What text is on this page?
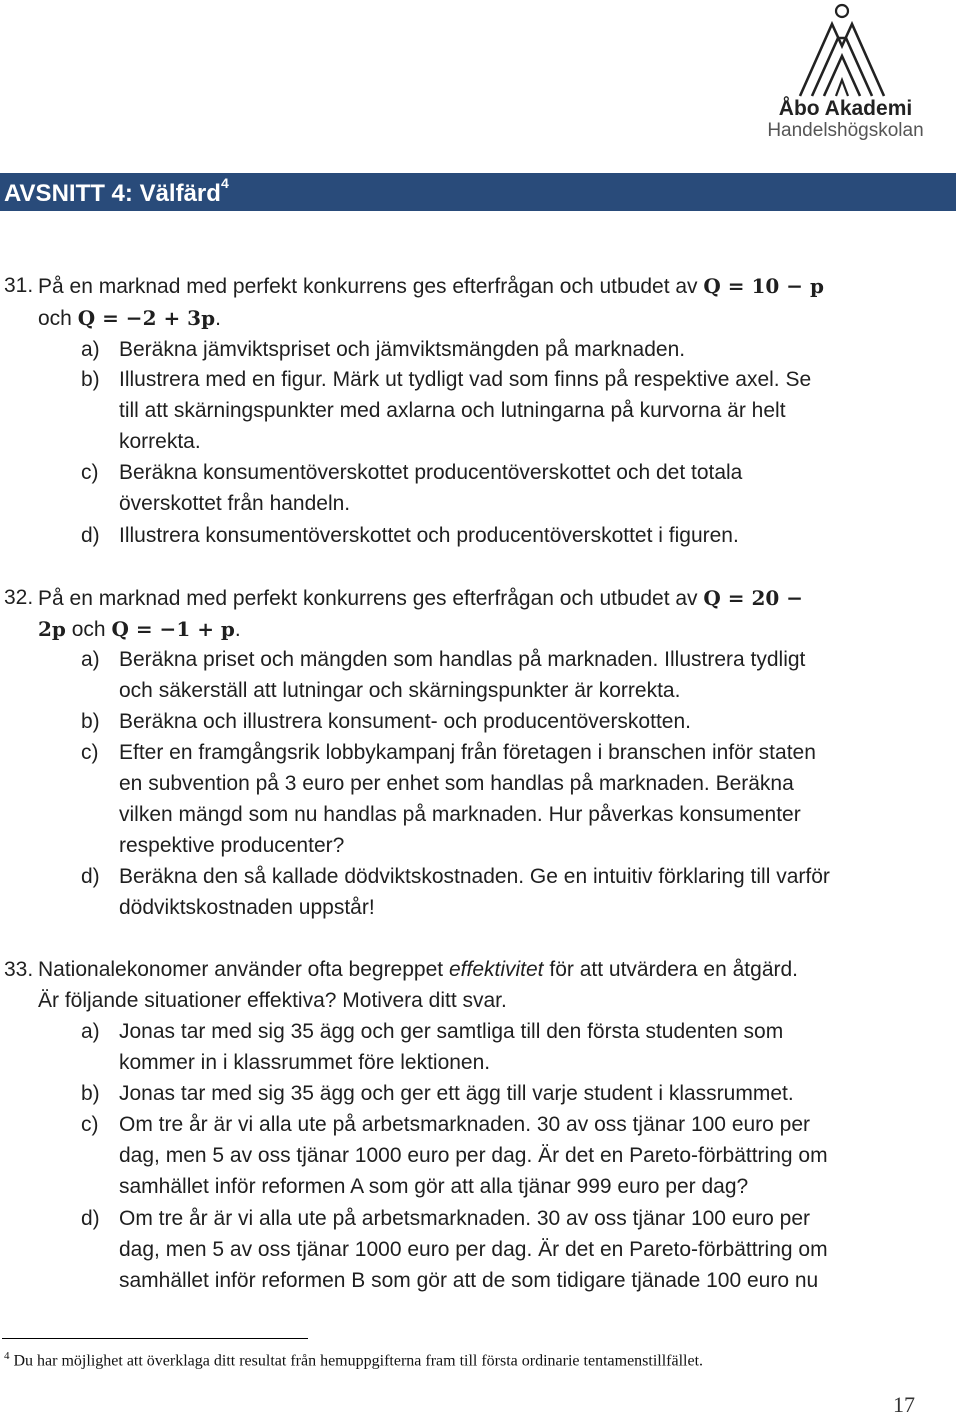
Åbo Akademi
Handelshögskolan
AVSNITT 4: Välfärd$^4$
31. På en marknad med perfekt konkurrens ges efterfrågan och utbudet av Q = 10 − p
och Q = −2 + 3p.
a) Beräkna jämviktspriset och jämviktsmängden på marknaden.
b) Illustrera med en figur. Märk ut tydligt vad som finns på respektive axel. Se
till att skärningspunkter med axlarna och lutningarna på kurvorna är helt
korrekta.
c) Beräkna konsumentöverskottet producentöverskottet och det totala
överskottet från handeln.
d) Illustrera konsumentöverskottet och producentöverskottet i figuren.
32. På en marknad med perfekt konkurrens ges efterfrågan och utbudet av Q = 20 −
2p och Q = −1 + p.
a) Beräkna priset och mängden som handlas på marknaden. Illustrera tydligt
och säkerställ att lutningar och skärningspunkter är korrekta.
b) Beräkna och illustrera konsument- och producentöverskotten.
c) Efter en framgångsrik lobbykampanj från företagen i branschen inför staten
en subvention på 3 euro per enhet som handlas på marknaden. Beräkna
vilken mängd som nu handlas på marknaden. Hur påverkas konsumenter
respektive producenter?
d) Beräkna den så kallade dödviktskostnaden. Ge en intuitiv förklaring till varför
dödviktskostnaden uppstår!
33. Nationalekonomer använder ofta begreppet effektivitet för att utvärdera en åtgärd.
Är följande situationer effektiva? Motivera ditt svar.
a) Jonas tar med sig 35 ägg och ger samtliga till den första studenten som
kommer in i klassrummet före lektionen.
b) Jonas tar med sig 35 ägg och ger ett ägg till varje student i klassrummet.
c) Om tre år är vi alla ute på arbetsmarknaden. 30 av oss tjänar 100 euro per
dag, men 5 av oss tjänar 1000 euro per dag. Är det en Pareto-förbättring om
samhället inför reformen A som gör att alla tjänar 999 euro per dag?
d) Om tre år är vi alla ute på arbetsmarknaden. 30 av oss tjänar 100 euro per
dag, men 5 av oss tjänar 1000 euro per dag. Är det en Pareto-förbättring om
samhället inför reformen B som gör att de som tidigare tjänade 100 euro nu
$^4$ Du har möjlighet att överklaga ditt resultat från hemuppgifterna fram till första ordinarie tentamenstillfället.
17
